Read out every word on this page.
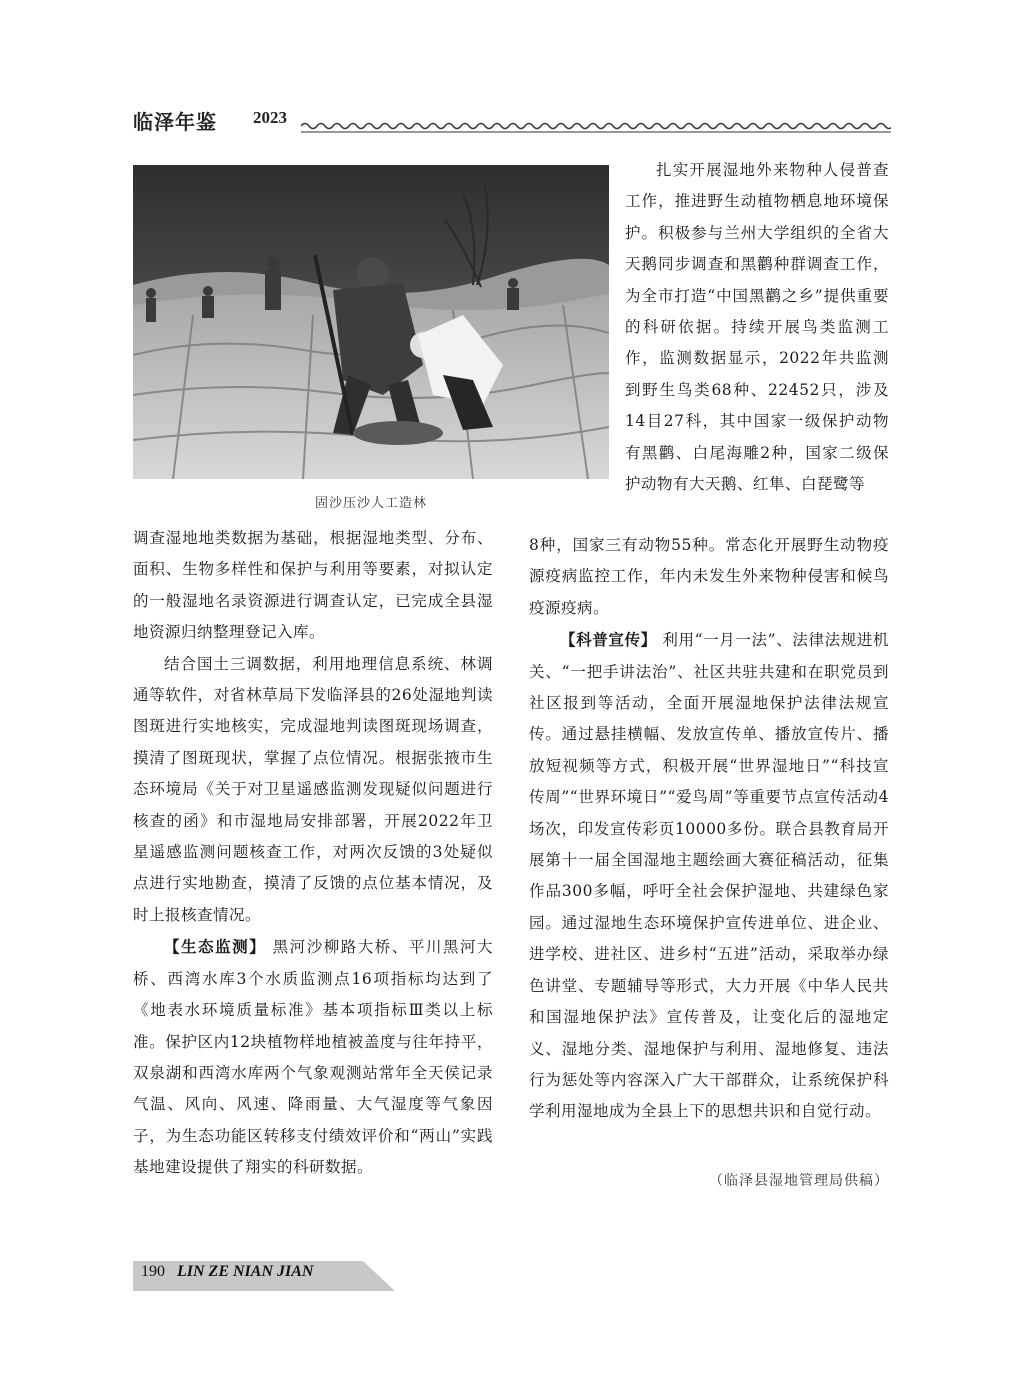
临泽年鉴 2023
固沙压沙人工造林

扎实开展湿地外来物种人侵普查工作，推进野生动植物栖息地环境保护。积极参与兰州大学组织的全省大天鹅同步调查和黑鹳种群调查工作，为全市打造“中国黑鹳之乡”提供重要的科研依据。持续开展鸟类监测工作，监测数据显示，2022年共监测到野生鸟类68种、22452只，涉及14目27科，其中国家一级保护动物有黑鹳、白尾海雕2种，国家二级保护动物有大天鹅、红隼、白琵鹭等

调查湿地地类数据为基础，根据湿地类型、分布、面积、生物多样性和保护与利用等要素，对拟认定的一般湿地名录资源进行调查认定，已完成全县湿地资源归纳整理登记入库。

结合国土三调数据，利用地理信息系统、林调通等软件，对省林草局下发临泽县的26处湿地判读图斑进行实地核实，完成湿地判读图斑现场调查，摸清了图斑现状，掌握了点位情况。根据张掖市生态环境局《关于对卫星遥感监测发现疑似问题进行核查的函》和市湿地局安排部署，开展2022年卫星遥感监测问题核查工作，对两次反馈的3处疑似点进行实地勘查，摸清了反馈的点位基本情况，及时上报核查情况。

【生态监测】 黑河沙柳路大桥、平川黑河大桥、西湾水库3个水质监测点16项指标均达到了《地表水环境质量标准》基本项指标Ⅲ类以上标准。保护区内12块植物样地植被盖度与往年持平，双泉湖和西湾水库两个气象观测站常年全天侯记录气温、风向、风速、降雨量、大气湿度等气象因子，为生态功能区转移支付绩效评价和“两山”实践基地建设提供了翔实的科研数据。

8种，国家三有动物55种。常态化开展野生动物疫源疫病监控工作，年内未发生外来物种侵害和候鸟疫源疫病。

【科普宣传】 利用“一月一法”、法律法规进机关、“一把手讲法治”、社区共驻共建和在职党员到社区报到等活动，全面开展湿地保护法律法规宣传。通过悬挂横幅、发放宣传单、播放宣传片、播放短视频等方式，积极开展“世界湿地日”“科技宣传周”“世界环境日”“爱鸟周”等重要节点宣传活动4场次，印发宣传彩页10000多份。联合县教育局开展第十一届全国湿地主题绘画大赛征稿活动，征集作品300多幅，呼吁全社会保护湿地、共建绿色家园。通过湿地生态环境保护宣传进单位、进企业、进学校、进社区、进乡村“五进”活动，采取举办绿色讲堂、专题辅导等形式，大力开展《中华人民共和国湿地保护法》宣传普及，让变化后的湿地定义、湿地分类、湿地保护与利用、湿地修复、违法行为惩处等内容深入广大干部群众，让系统保护科学利用湿地成为全县上下的思想共识和自觉行动。

（临泽县湿地管理局供稿）
190 LIN ZE NIAN JIAN
